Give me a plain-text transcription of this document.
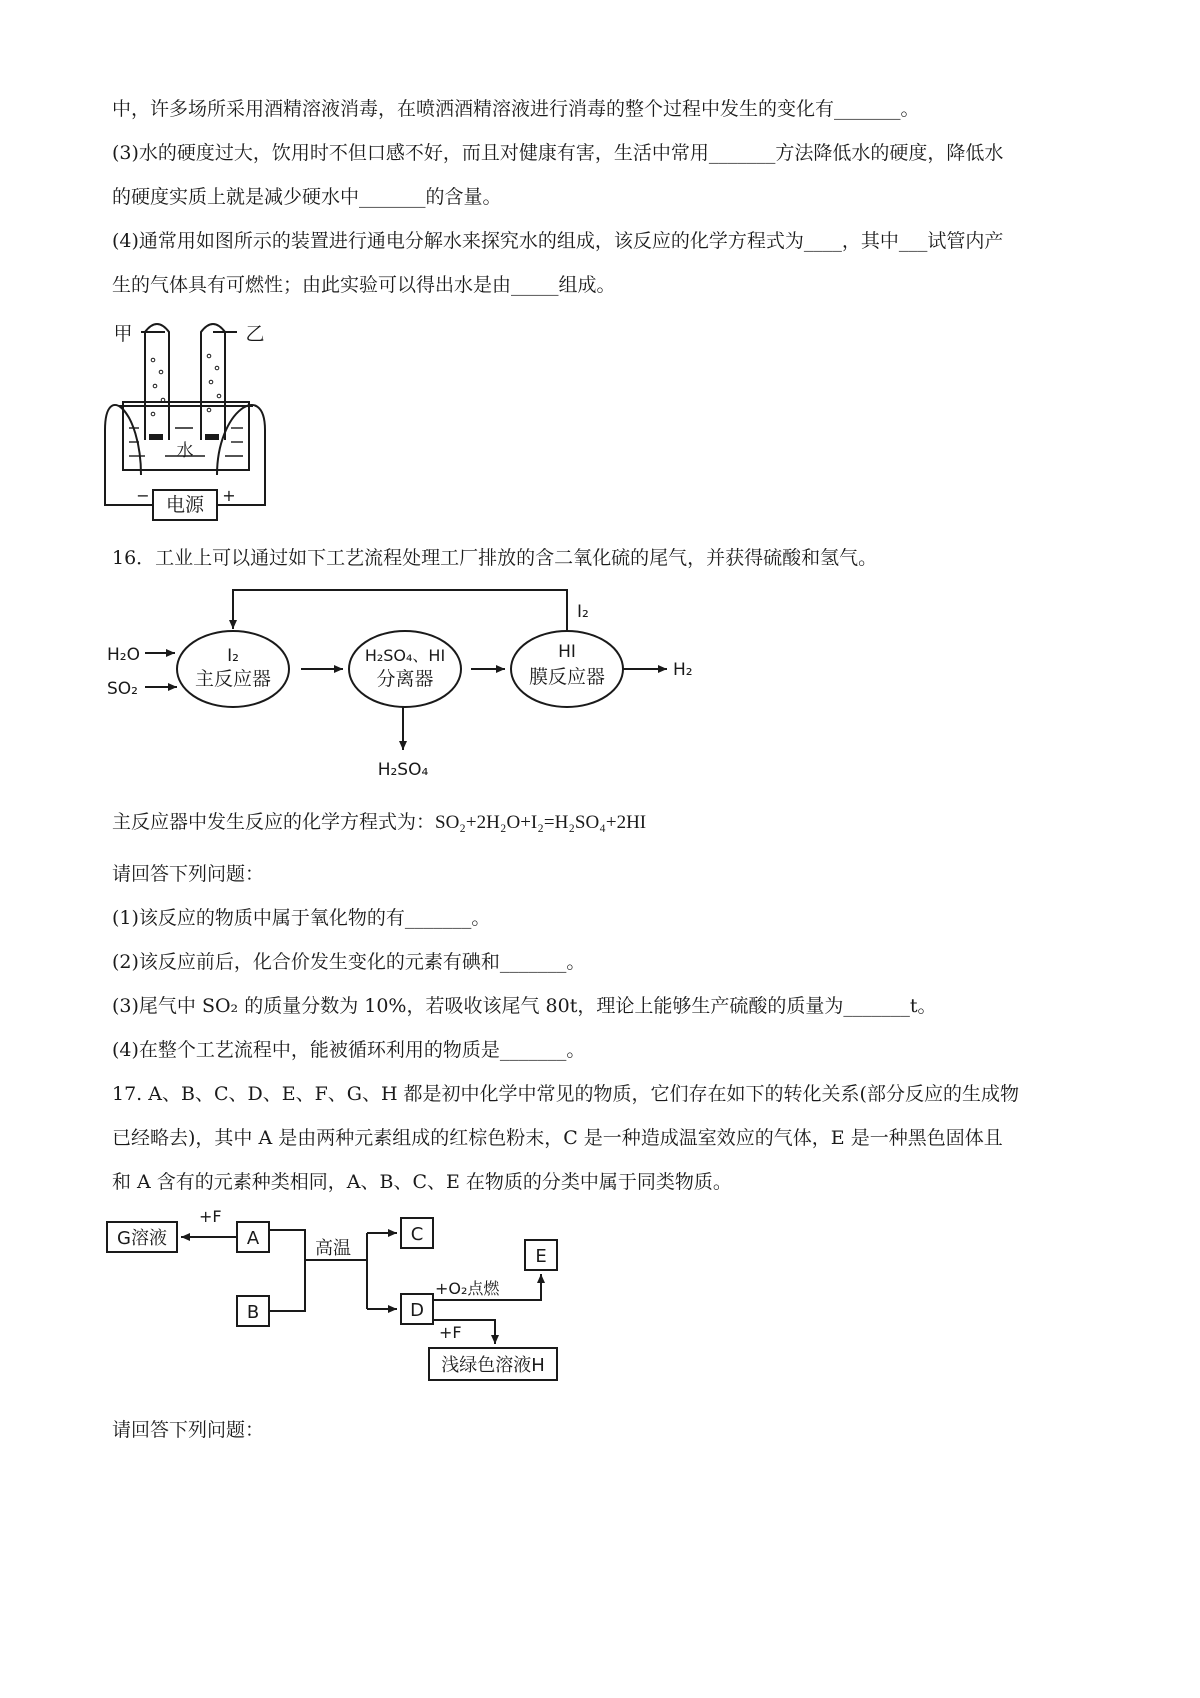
中，许多场所采用酒精溶液消毒，在喷洒酒精溶液进行消毒的整个过程中发生的变化有_______。
(3)水的硬度过大，饮用时不但口感不好，而且对健康有害，生活中常用_______方法降低水的硬度，降低水
的硬度实质上就是减少硬水中_______的含量。
(4)通常用如图所示的装置进行通电分解水来探究水的组成，该反应的化学方程式为____，其中___试管内产
生的气体具有可燃性；由此实验可以得出水是由_____组成。
电源
−	+
甲	乙
水
16．工业上可以通过如下工艺流程处理工厂排放的含二氧化硫的尾气，并获得硫酸和氢气。
H₂O
SO₂
I₂
主反应器
H₂SO₄、HI
分离器
HI
膜反应器	H₂
H₂SO₄
I₂
主反应器中发生反应的化学方程式为：SO₂+2H₂O+I₂=H₂SO₄+2HI
请回答下列问题：
(1)该反应的物质中属于氧化物的有_______。
(2)该反应前后，化合价发生变化的元素有碘和_______。
(3)尾气中 SO₂ 的质量分数为 10%，若吸收该尾气 80t，理论上能够生产硫酸的质量为_______t。
(4)在整个工艺流程中，能被循环利用的物质是_______。
17. A、B、C、D、E、F、G、H 都是初中化学中常见的物质，它们存在如下的转化关系(部分反应的生成物
已经略去)，其中 A 是由两种元素组成的红棕色粉末，C 是一种造成温室效应的气体，E 是一种黑色固体且
和 A 含有的元素种类相同，A、B、C、E 在物质的分类中属于同类物质。
G溶液	A
B
C
D
E
浅绿色溶液H
+F
高温
+O₂点燃
+F
请回答下列问题：
